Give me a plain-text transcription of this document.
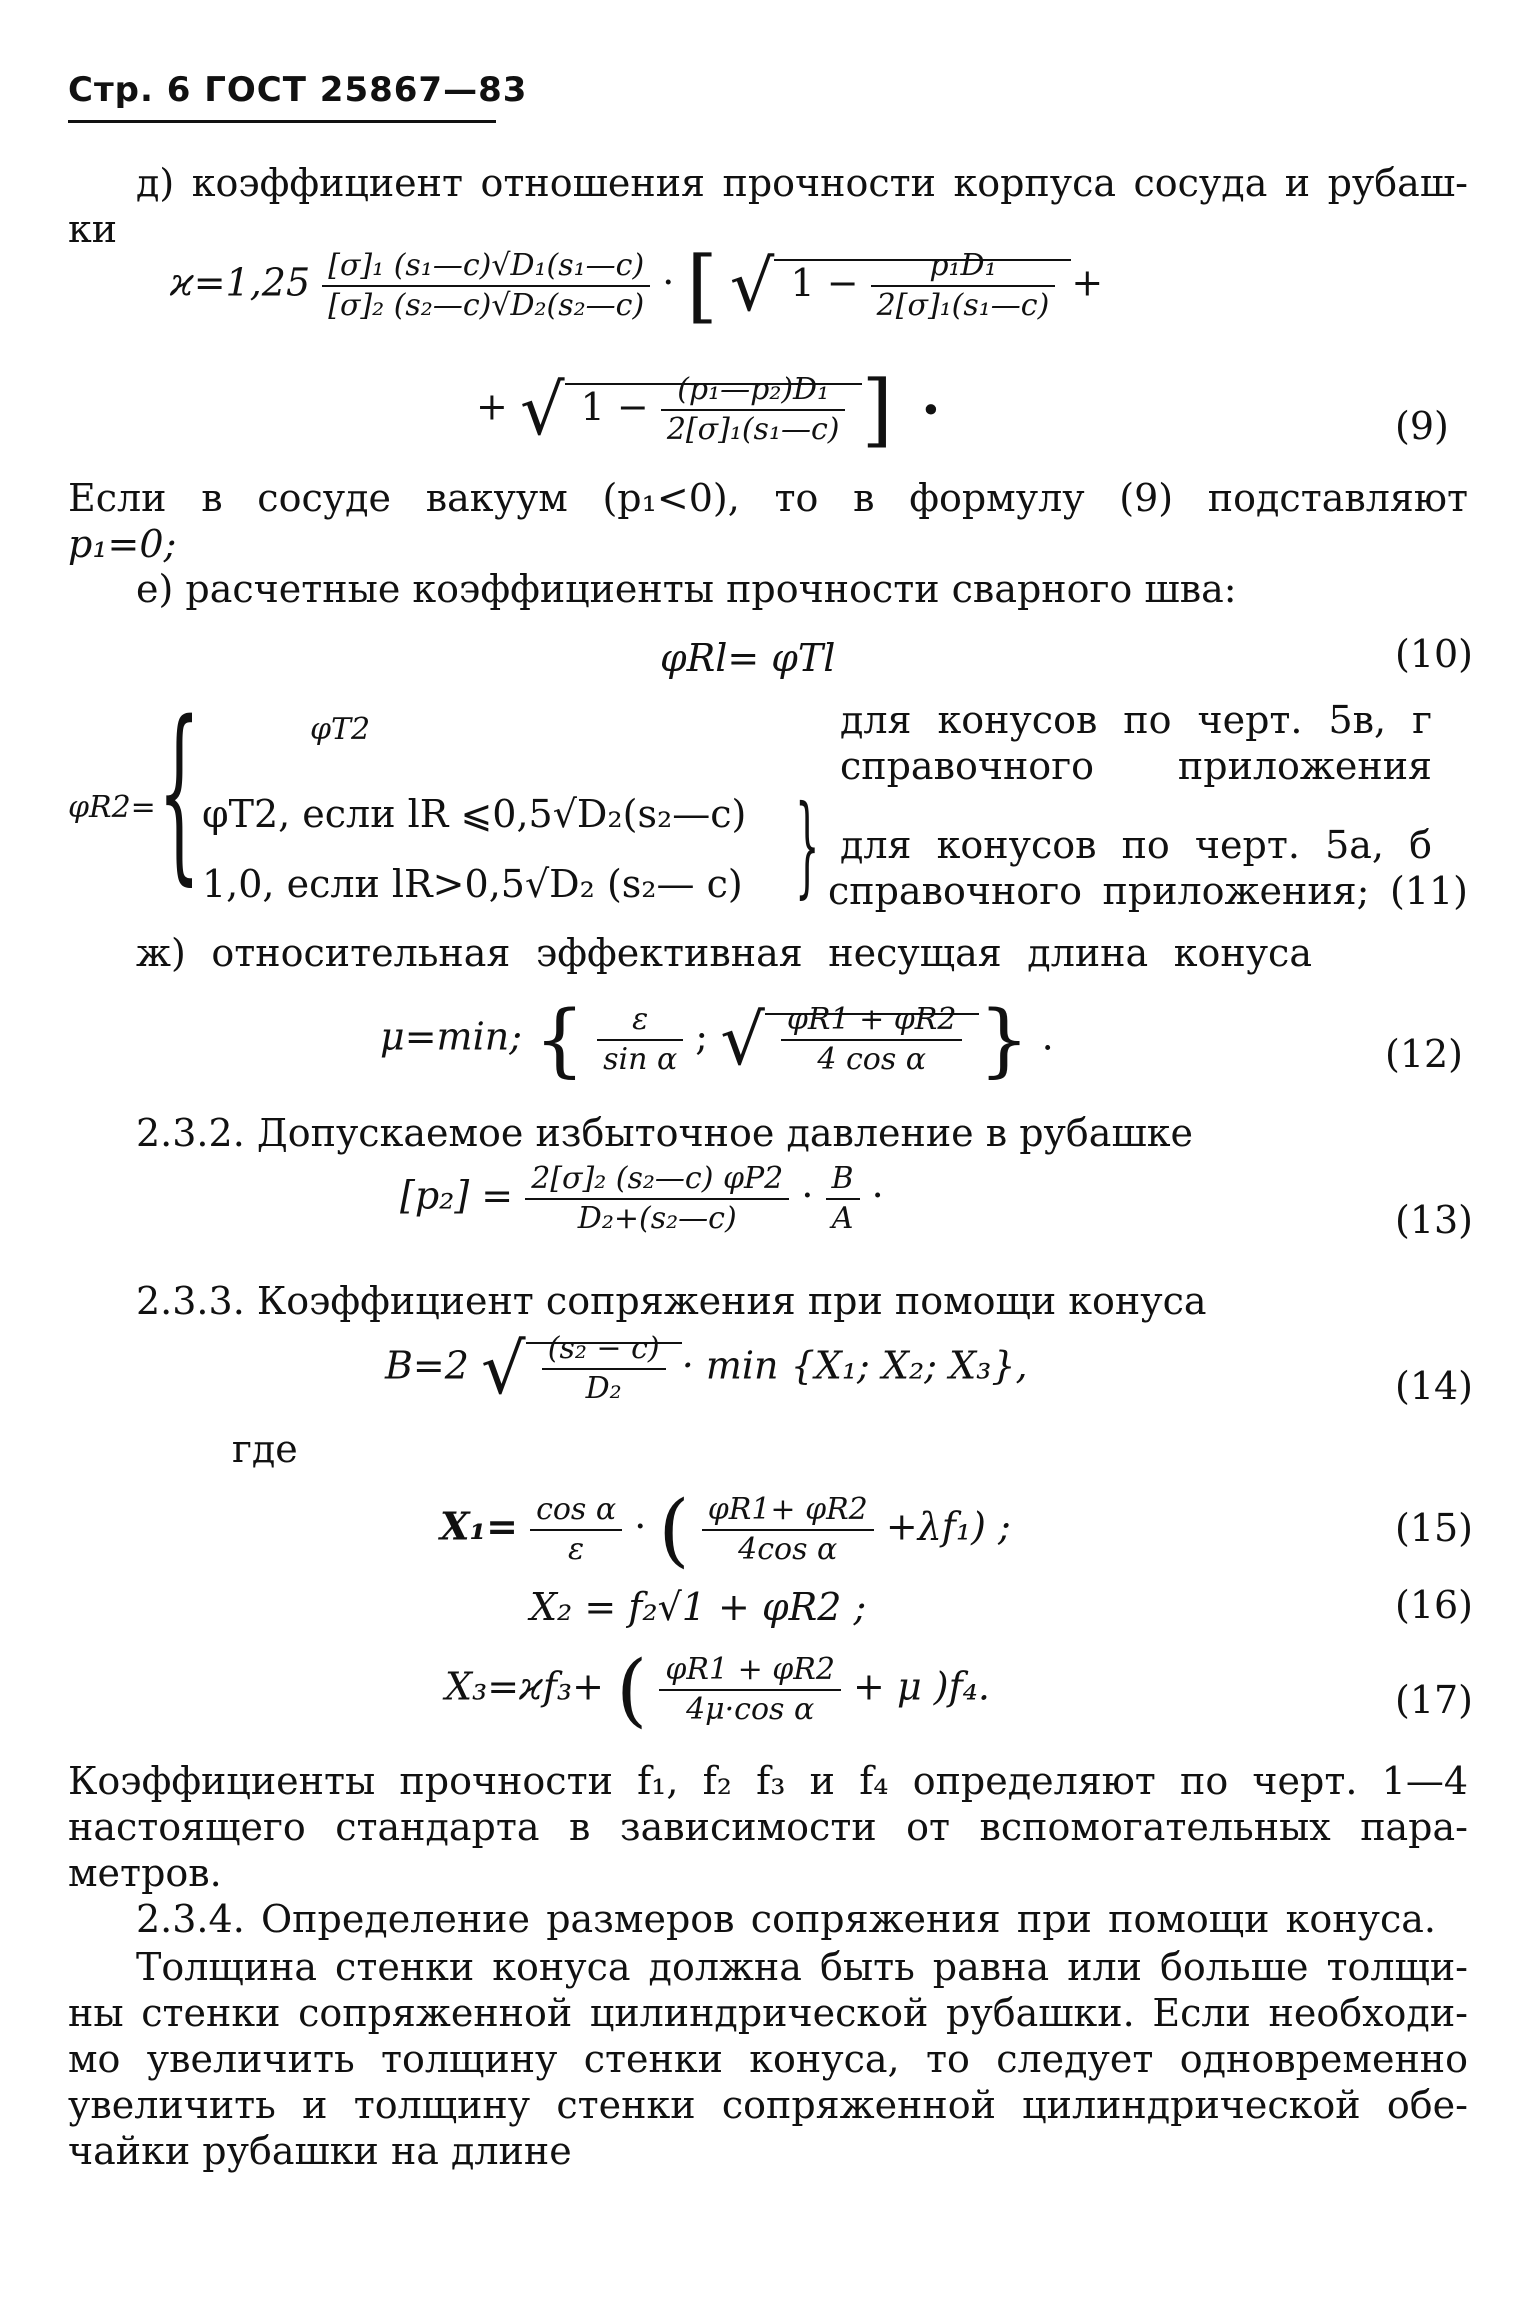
Стр. 6 ГОСТ 25867—83
д) коэффициент отношения прочности корпуса сосуда и рубаш-
ки
$ϰ=1,25 \frac{\text{[σ]₁ (s₁—c)√D₁(s₁—c)}}{\text{[σ]₂ (s₂—c)√D₂(s₂—c)}}$ · [ √ $1 - \frac{\text{p₁D₁}}{\text{2[σ]₁(s₁—c)}}$ +
+ √ $1 - \frac{\text{(p₁—p₂)D₁}}{\text{2[σ]₁(s₁—c)}}$ ] ·	(9)
Если в сосуде вакуум (p₁<0), то в формулу (9) подставляют
p₁=0;
е) расчетные коэффициенты прочности сварного шва:
φRl= φTl	(10)
φR2= {	φT2
φT2, если lR ⩽0,5√D₂(s₂—c)
1,0, если lR>0,5√D₂ (s₂— c) }
для конусов по черт. 5в, г
справочного приложения
для конусов по черт. 5а, б
справочного приложения; (11)
ж) относительная эффективная несущая длина конуса
μ=min; { $\frac{\varepsilon}{\text{sin α}}$ ; √ $\frac{\varphi R1 + \varphi R2}{\text{4 cos α}}$ } .	(12)
2.3.2. Допускаемое избыточное давление в рубашке
$[p_2] = \frac{\text{2[σ]₂ (s₂—c) φP2}}{\text{D₂+(s₂—c)}} \cdot \frac{B}{A}$ ·
(13)
2.3.3. Коэффициент сопряжения при помощи конуса
B=2 √ $\frac{\text{(s₂ − c)}}{\text{D₂}} \cdot \min \{X_1$; X₂; X₃},	(14)
где
$X_1= \frac{\text{cos α}}{\varepsilon}$ · ( $\frac{\varphi R1+ \varphi R2}{\text{4cos α}} +\lambda f_1$) ;	(15)
X₂ = f₂√1 + φR2 ;	(16)
X₃=ϰf₃+ ( $\frac{\varphi R1 + \varphi R2}{\text{4μ·cos α}} + \mu$ )f₄.	(17)
Коэффициенты прочности f₁, f₂ f₃ и f₄ определяют по черт. 1—4
настоящего стандарта в зависимости от вспомогательных пара-
метров.
2.3.4. Определение размеров сопряжения при помощи конуса.
Толщина стенки конуса должна быть равна или больше толщи-
ны стенки сопряженной цилиндрической рубашки. Если необходи-
мо увеличить толщину стенки конуса, то следует одновременно
увеличить и толщину стенки сопряженной цилиндрической обе-
чайки рубашки на длине
